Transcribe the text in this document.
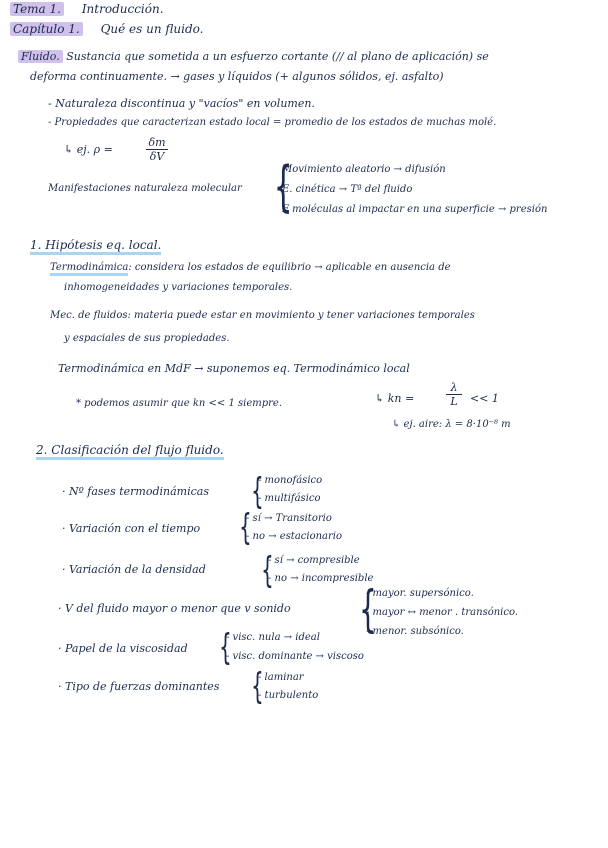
Tema 1. Introducción.
Capítulo 1. Qué es un fluido.
Fluido. Sustancia que sometida a un esfuerzo cortante (// al plano de aplicación) se
deforma continuamente. → gases y líquidos (+ algunos sólidos, ej. asfalto)
- Naturaleza discontinua y "vacíos" en volumen.
- Propiedades que caracterizan estado local = promedio de los estados de muchas molé.
↳ ej. ρ =	$\frac{\delta m}{\delta V}$
Manifestaciones naturaleza molecular {
Movimiento aleatorio → difusión
E. cinética → Tª del fluido
F moléculas al impactar en una superficie → presión
1. Hipótesis eq. local.
Termodinámica: considera los estados de equilibrio → aplicable en ausencia de
inhomogeneidades y variaciones temporales.
Mec. de fluidos: materia puede estar en movimiento y tener variaciones temporales
y espaciales de sus propiedades.
Termodinámica en MdF → suponemos eq. Termodinámico local
* podemos asumir que kn << 1 siempre.	↳ kn =	$\frac{\lambda}{L} << 1$
↳ ej. aire: λ = 8·10⁻⁸ m
2. Clasificación del flujo fluido.
· Nº fases termodinámicas {
- monofásico
- multifásico
· Variación con el tiempo {
- sí → Transitorio
- no → estacionario
· Variación de la densidad {
- sí → compresible
- no → incompresible
· V del fluido mayor o menor que v sonido {
- mayor. supersónico.
- mayor ↔ menor . transónico.
- menor. subsónico.
· Papel de la viscosidad {
- visc. nula → ideal
- visc. dominante → viscoso
· Tipo de fuerzas dominantes {
- laminar
- turbulento
